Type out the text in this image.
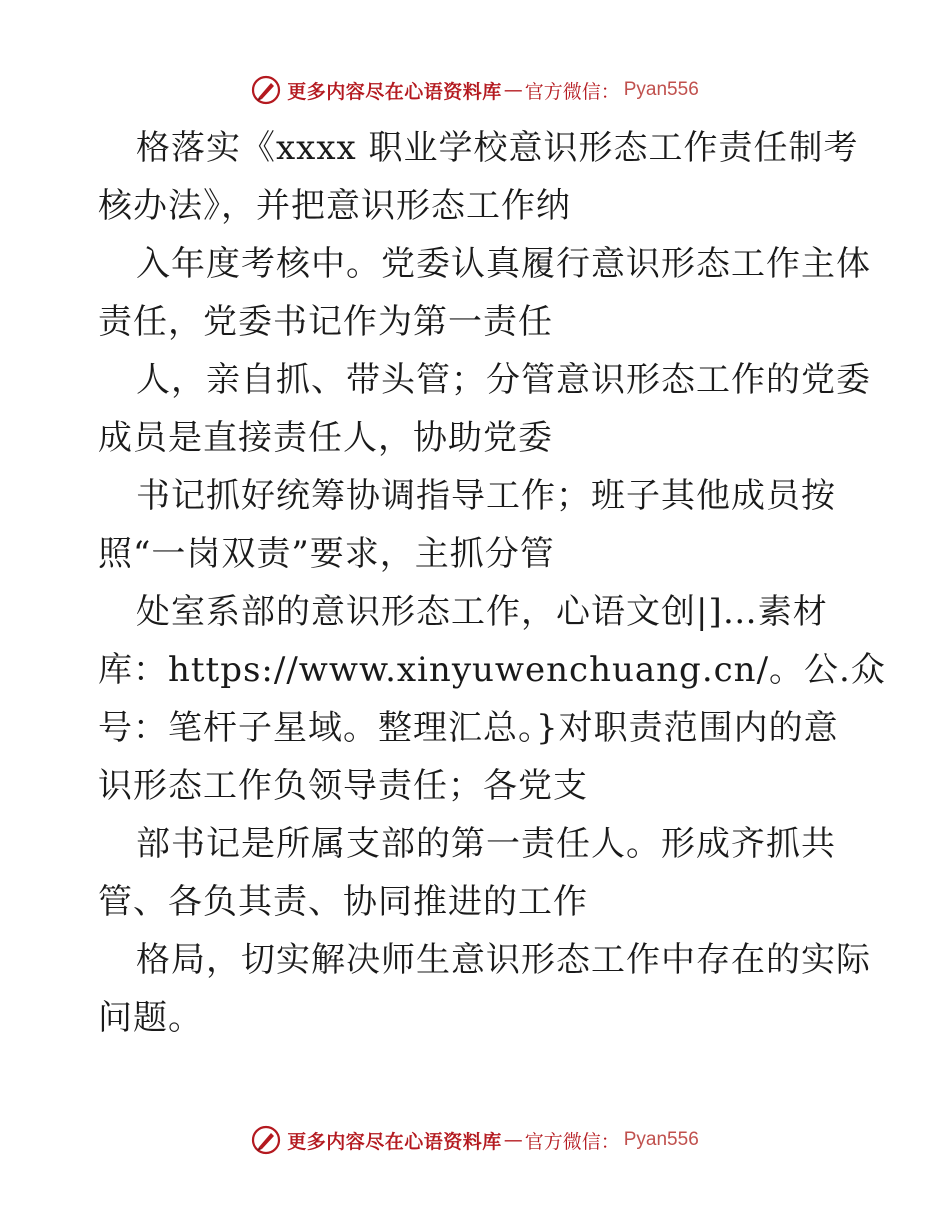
更多内容尽在心语资料库 — 官方微信： Pyan556
格落实《xxxx 职业学校意识形态工作责任制考
核办法》，并把意识形态工作纳
入年度考核中。党委认真履行意识形态工作主体
责任，党委书记作为第一责任
人，亲自抓、带头管；分管意识形态工作的党委
成员是直接责任人，协助党委
书记抓好统筹协调指导工作；班子其他成员按
照“一岗双责”要求，主抓分管
处室系部的意识形态工作，心语文创|]…素材
库：https://www.xinyuwenchuang.cn/。公.众
号：笔杆子星域。整理汇总。}对职责范围内的意
识形态工作负领导责任；各党支
部书记是所属支部的第一责任人。形成齐抓共
管、各负其责、协同推进的工作
格局，切实解决师生意识形态工作中存在的实际
问题。
更多内容尽在心语资料库 — 官方微信： Pyan556
